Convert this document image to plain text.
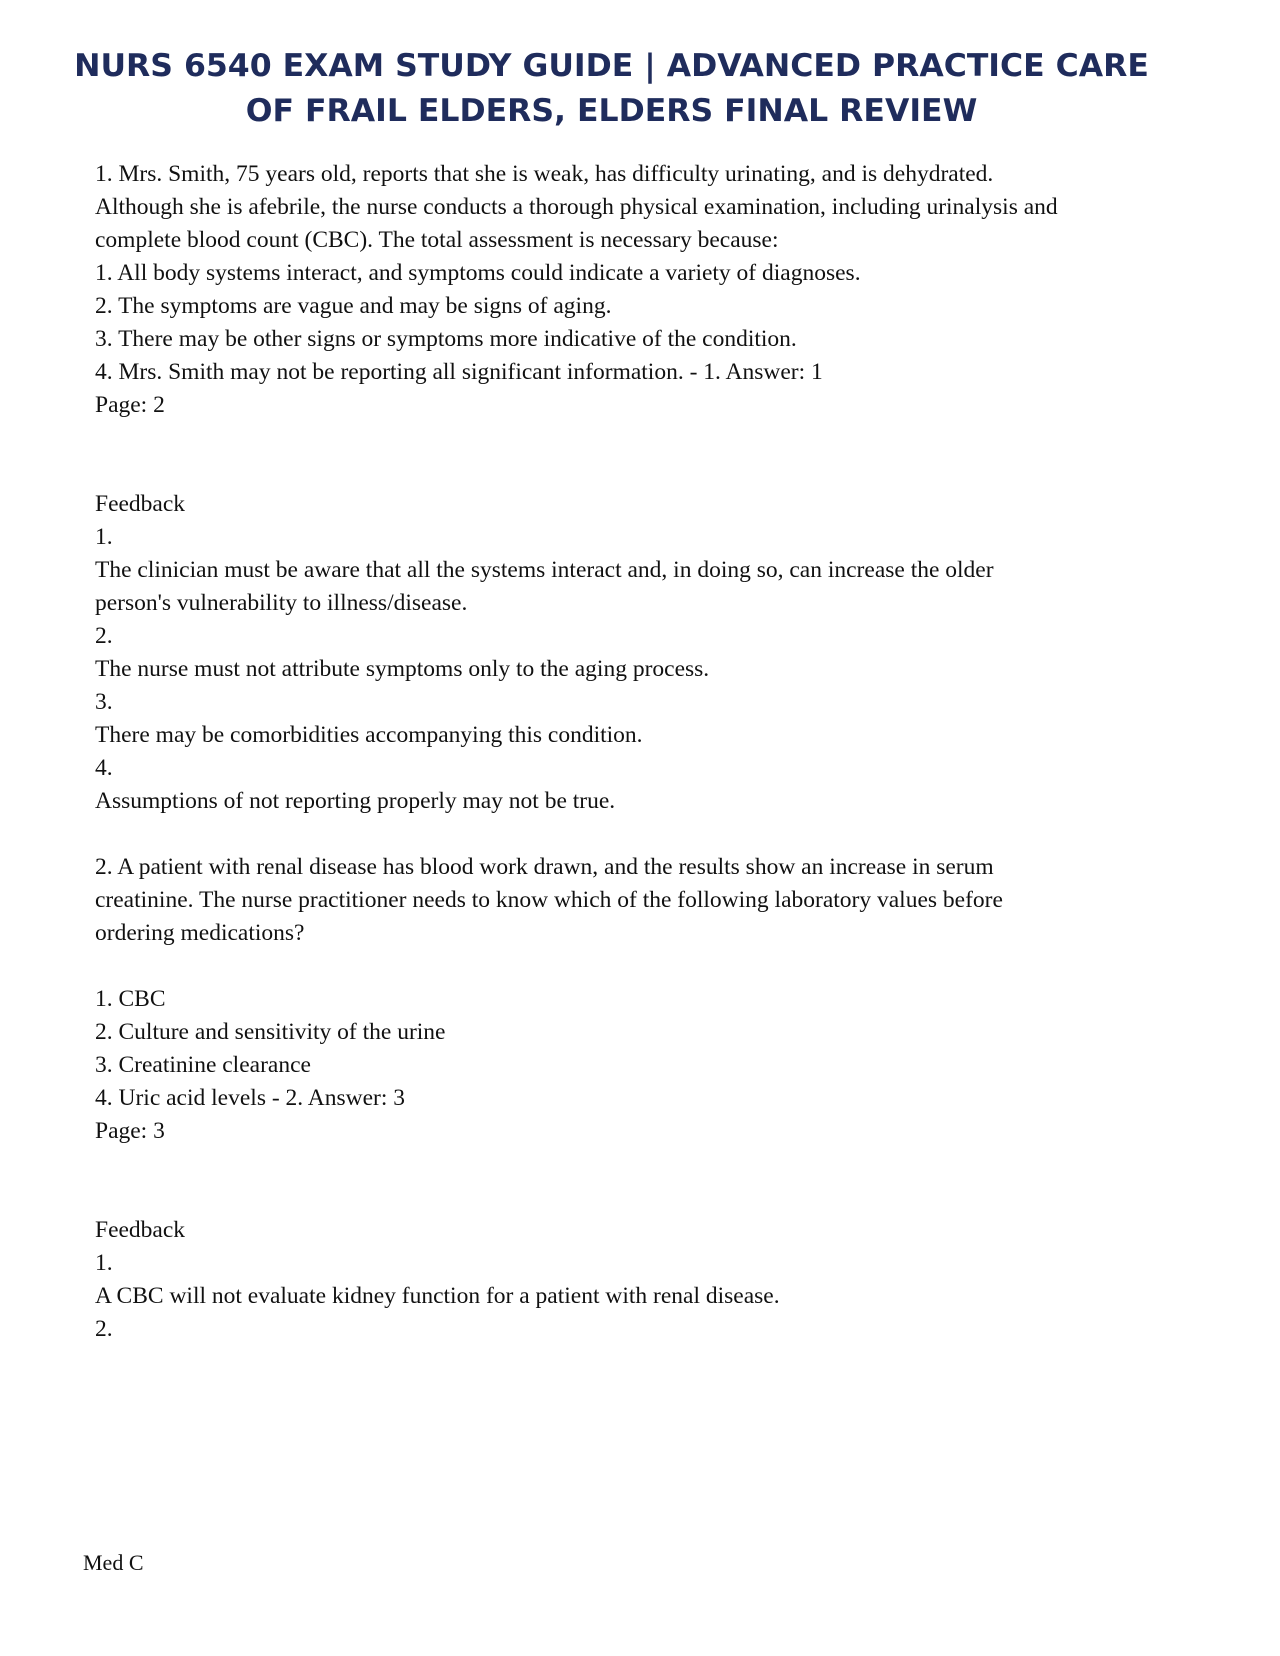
NURS 6540 EXAM STUDY GUIDE | ADVANCED PRACTICE CARE
OF FRAIL ELDERS, ELDERS FINAL REVIEW
1. Mrs. Smith, 75 years old, reports that she is weak, has difficulty urinating, and is dehydrated.
Although she is afebrile, the nurse conducts a thorough physical examination, including urinalysis and
complete blood count (CBC). The total assessment is necessary because:
1. All body systems interact, and symptoms could indicate a variety of diagnoses.
2. The symptoms are vague and may be signs of aging.
3. There may be other signs or symptoms more indicative of the condition.
4. Mrs. Smith may not be reporting all significant information. - 1. Answer: 1
Page: 2
Feedback
1.
The clinician must be aware that all the systems interact and, in doing so, can increase the older
person's vulnerability to illness/disease.
2.
The nurse must not attribute symptoms only to the aging process.
3.
There may be comorbidities accompanying this condition.
4.
Assumptions of not reporting properly may not be true.
2. A patient with renal disease has blood work drawn, and the results show an increase in serum
creatinine. The nurse practitioner needs to know which of the following laboratory values before
ordering medications?
1. CBC
2. Culture and sensitivity of the urine
3. Creatinine clearance
4. Uric acid levels - 2. Answer: 3
Page: 3
Feedback
1.
A CBC will not evaluate kidney function for a patient with renal disease.
2.
Med C
